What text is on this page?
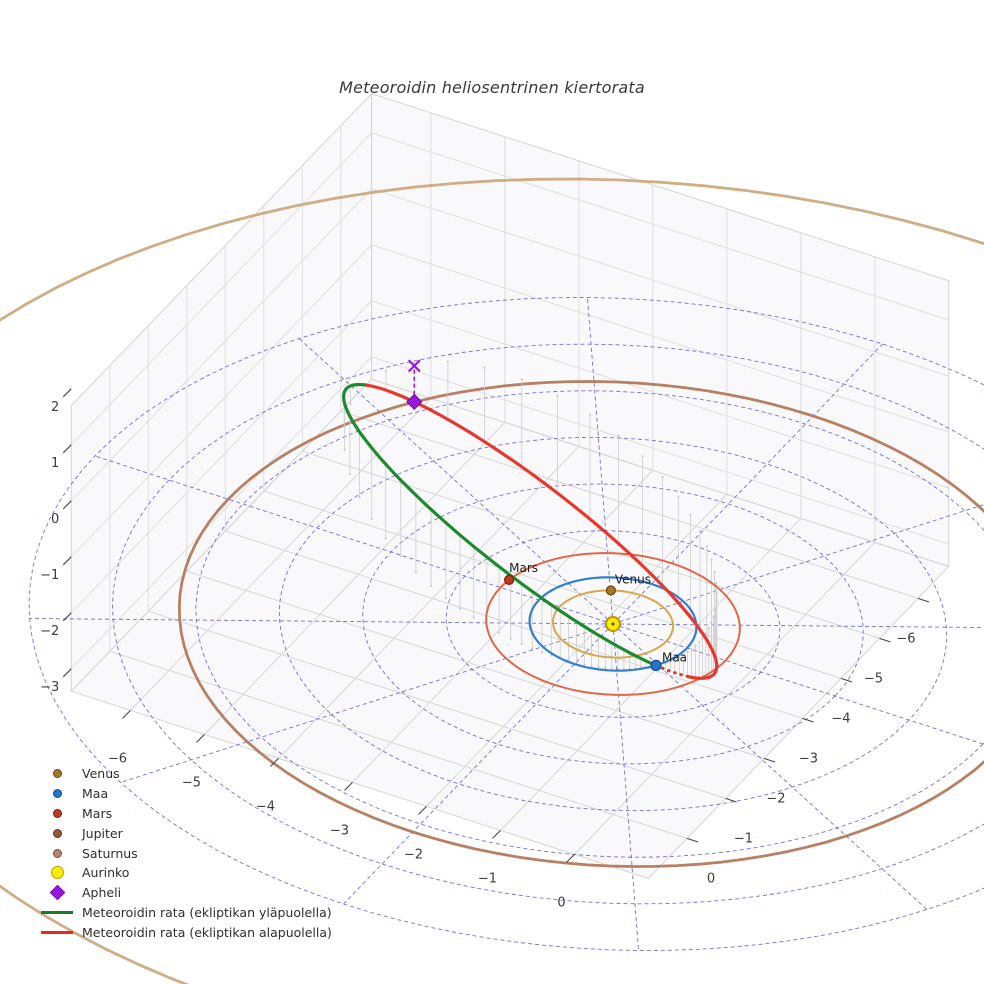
Meteoroidin heliosentrinen kiertorata
Venus
Maa
Mars
−6
−5
−4
−3
−2
−1
0
−6
−5
−4
−3
−2
−1
0
−3
−2
−1
0
1
2
Venus
Maa
Mars
Jupiter
Saturnus
Aurinko
Apheli
Meteoroidin rata (ekliptikan yläpuolella)
Meteoroidin rata (ekliptikan alapuolella)
